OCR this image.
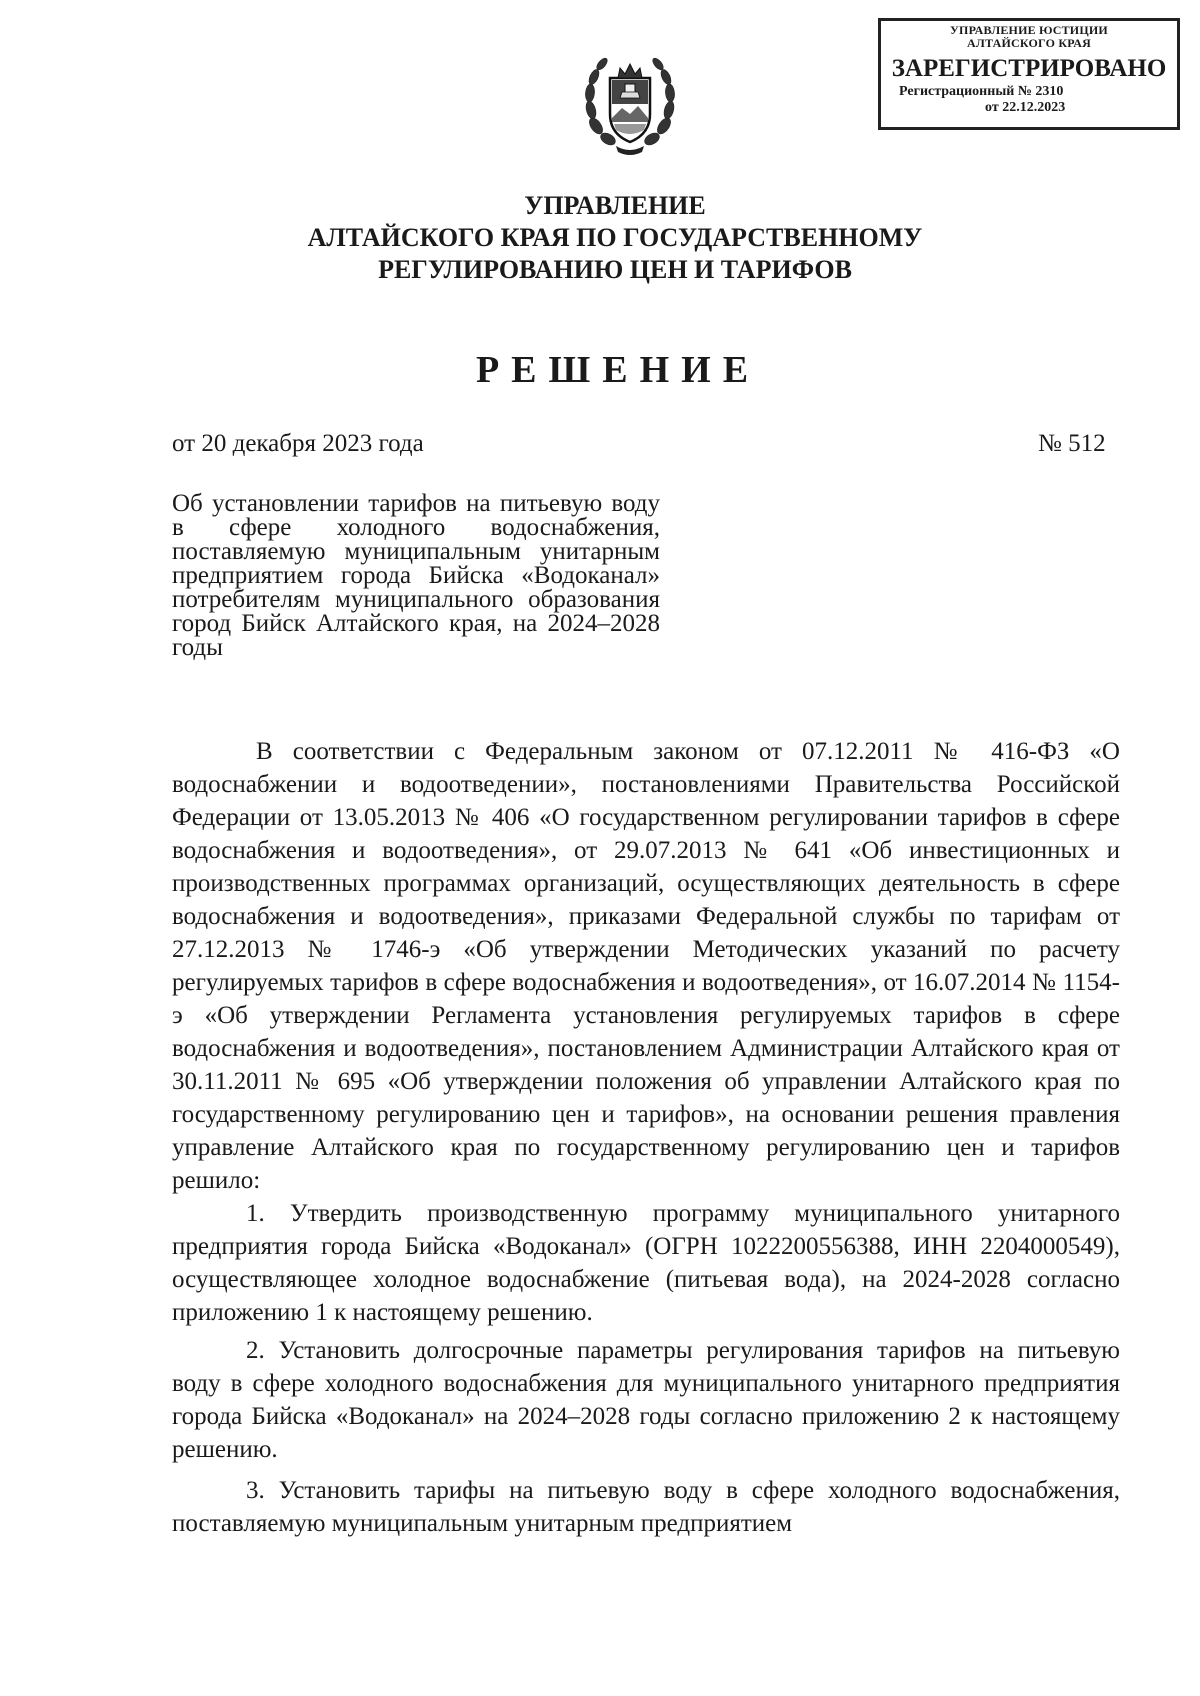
УПРАВЛЕНИЕ ЮСТИЦИИ
АЛТАЙСКОГО КРАЯ
ЗАРЕГИСТРИРОВАНО
Регистрационный № 2310
от 22.12.2023
УПРАВЛЕНИЕ
АЛТАЙСКОГО КРАЯ ПО ГОСУДАРСТВЕННОМУ
РЕГУЛИРОВАНИЮ ЦЕН И ТАРИФОВ
РЕШЕНИЕ
от 20 декабря 2023 года	№ 512
Об установлении тарифов на питьевую воду в сфере холодного водоснабжения, поставляемую муниципальным унитарным предприятием города Бийска «Водоканал» потребителям муниципального образования город Бийск Алтайского края, на 2024–2028 годы

В соответствии с Федеральным законом от 07.12.2011 № 416-ФЗ «О водоснабжении и водоотведении», постановлениями Правительства Российской Федерации от 13.05.2013 № 406 «О государственном регулировании тарифов в сфере водоснабжения и водоотведения», от 29.07.2013 № 641 «Об инвестиционных и производственных программах организаций, осуществляющих деятельность в сфере водоснабжения и водоотведения», приказами Федеральной службы по тарифам от 27.12.2013 № 1746-э «Об утверждении Методических указаний по расчету регулируемых тарифов в сфере водоснабжения и водоотведения», от 16.07.2014 № 1154-э «Об утверждении Регламента установления регулируемых тарифов в сфере водоснабжения и водоотведения», постановлением Администрации Алтайского края от 30.11.2011 № 695 «Об утверждении положения об управлении Алтайского края по государственному регулированию цен и тарифов», на основании решения правления управление Алтайского края по государственному регулированию цен и тарифов решило:

1. Утвердить производственную программу муниципального унитарного предприятия города Бийска «Водоканал» (ОГРН 1022200556388, ИНН 2204000549), осуществляющее холодное водоснабжение (питьевая вода), на 2024-2028 согласно приложению 1 к настоящему решению.

2. Установить долгосрочные параметры регулирования тарифов на питьевую воду в сфере холодного водоснабжения для муниципального унитарного предприятия города Бийска «Водоканал» на 2024–2028 годы согласно приложению 2 к настоящему решению.

3. Установить тарифы на питьевую воду в сфере холодного водоснабжения, поставляемую муниципальным унитарным предприятием
